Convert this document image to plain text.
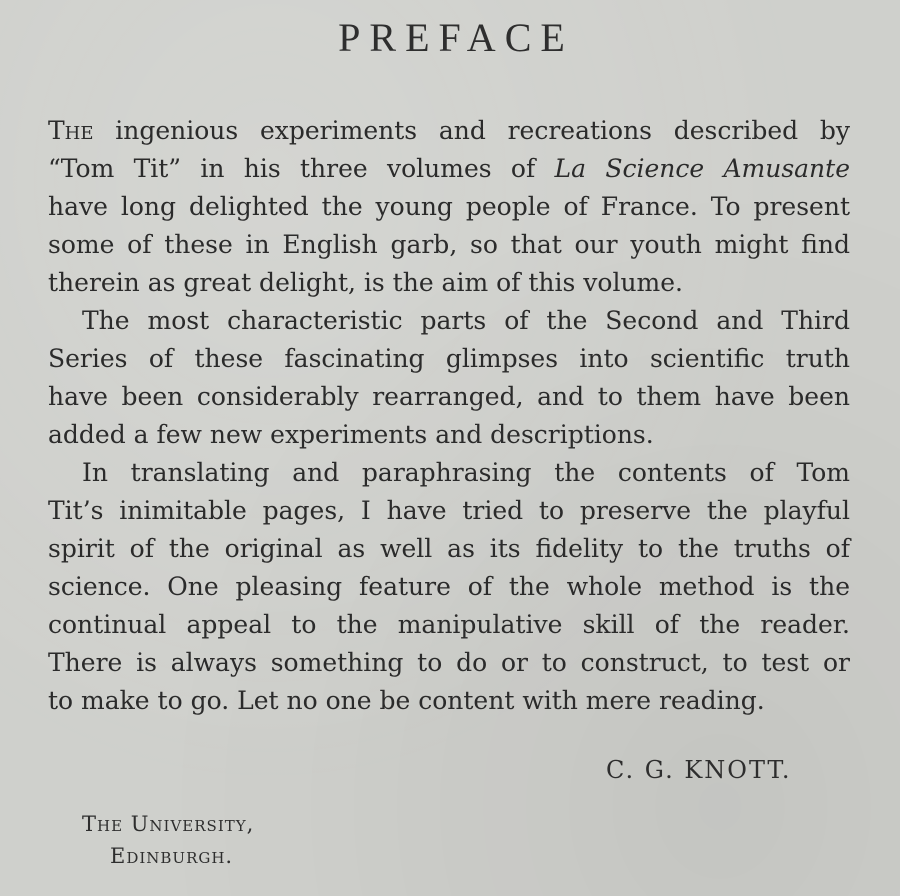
PREFACE

The ingenious experiments and recreations described by
“Tom Tit” in his three volumes of La Science Amusante
have long delighted the young people of France. To present
some of these in English garb, so that our youth might find
therein as great delight, is the aim of this volume.

The most characteristic parts of the Second and Third
Series of these fascinating glimpses into scientific truth
have been considerably rearranged, and to them have been
added a few new experiments and descriptions.

In translating and paraphrasing the contents of Tom
Tit’s inimitable pages, I have tried to preserve the playful
spirit of the original as well as its fidelity to the truths of
science. One pleasing feature of the whole method is the
continual appeal to the manipulative skill of the reader.
There is always something to do or to construct, to test or
to make to go. Let no one be content with mere reading.

C. G. KNOTT.
The University,
Edinburgh.
